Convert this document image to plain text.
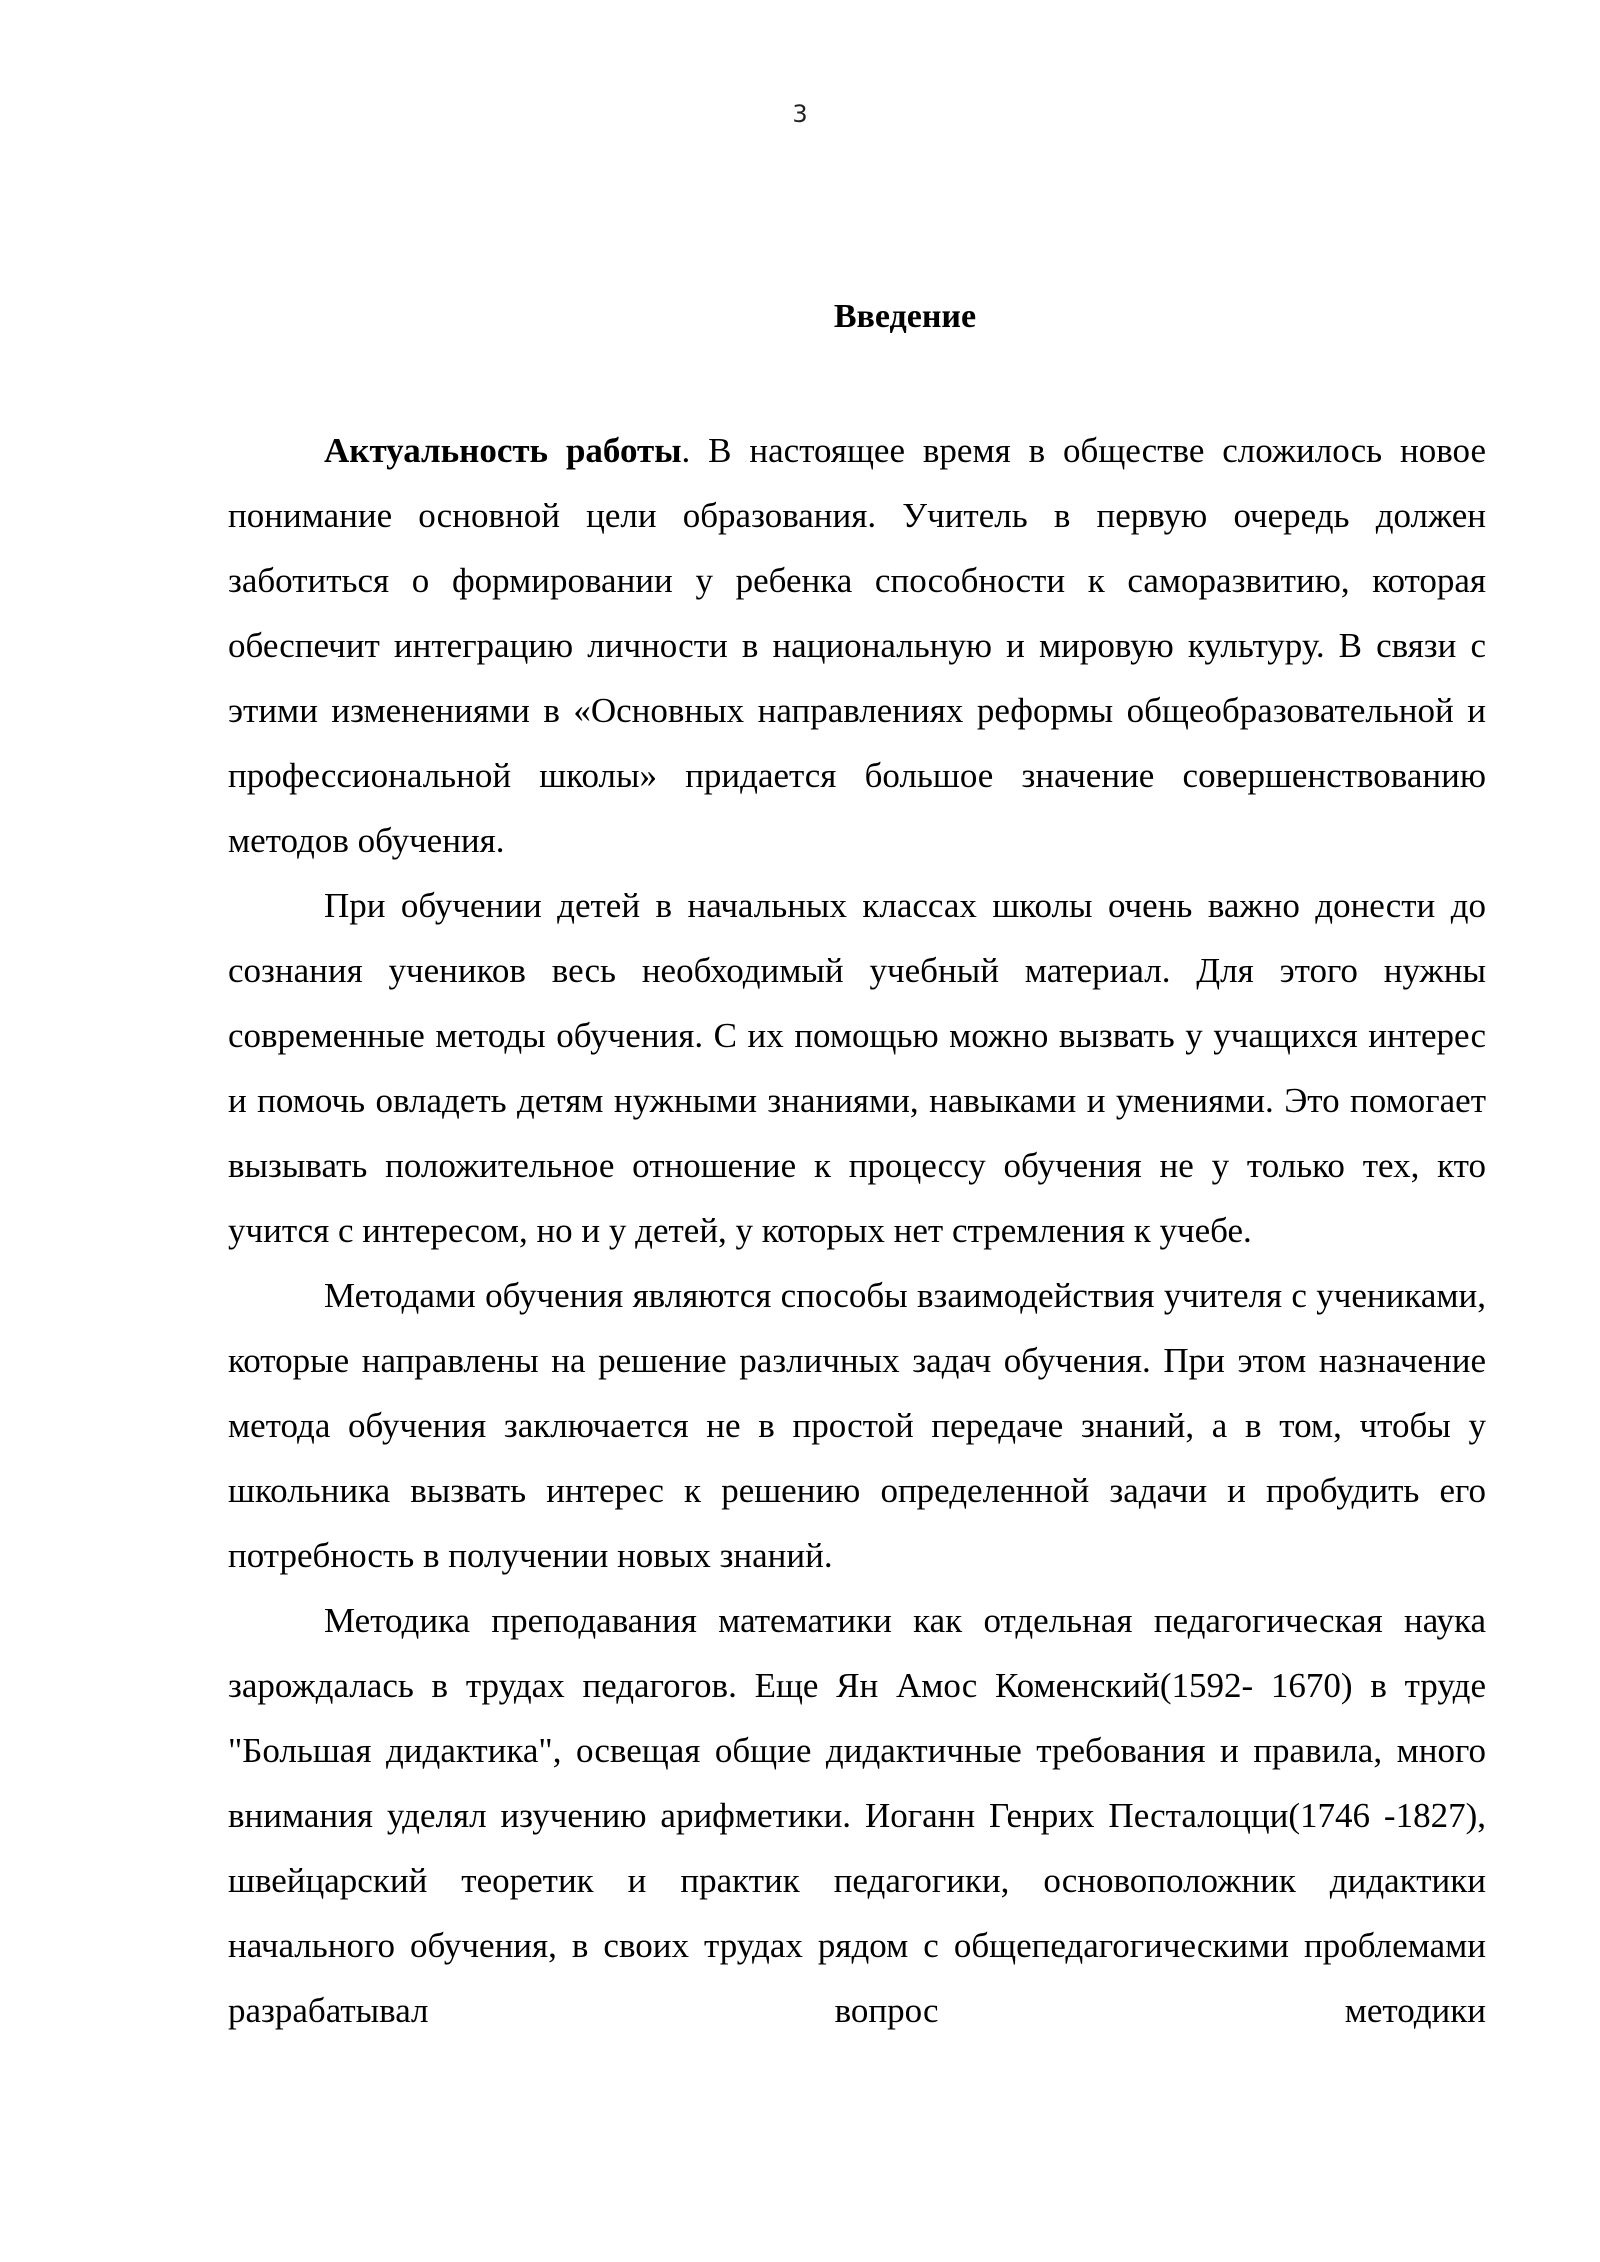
3
Введение

Актуальность работы. В настоящее время в обществе сложилось новое понимание основной цели образования. Учитель в первую очередь должен заботиться о формировании у ребенка способности к саморазвитию, которая обеспечит интеграцию личности в национальную и мировую культуру. В связи с этими изменениями в «Основных направлениях реформы общеобразовательной и профессиональной школы» придается большое значение совершенствованию методов обучения.

При обучении детей в начальных классах школы очень важно донести до сознания учеников весь необходимый учебный материал. Для этого нужны современные методы обучения. С их помощью можно вызвать у учащихся интерес и помочь овладеть детям нужными знаниями, навыками и умениями. Это помогает вызывать положительное отношение к процессу обучения не у только тех, кто учится с интересом, но и у детей, у которых нет стремления к учебе.

Методами обучения являются способы взаимодействия учителя с учениками, которые направлены на решение различных задач обучения. При этом назначение метода обучения заключается не в простой передаче знаний, а в том, чтобы у школьника вызвать интерес к решению определенной задачи и пробудить его потребность в получении новых знаний.

Методика преподавания математики как отдельная педагогическая наука зарождалась в трудах педагогов. Еще Ян Амос Коменский(1592- 1670) в труде "Большая дидактика", освещая общие дидактичные требования и правила, много внимания уделял изучению арифметики. Иоганн Генрих Песталоцци(1746 -1827), швейцарский теоретик и практик педагогики, основоположник дидактики начального обучения, в своих трудах рядом с общепедагогическими проблемами разрабатывал вопрос методики
